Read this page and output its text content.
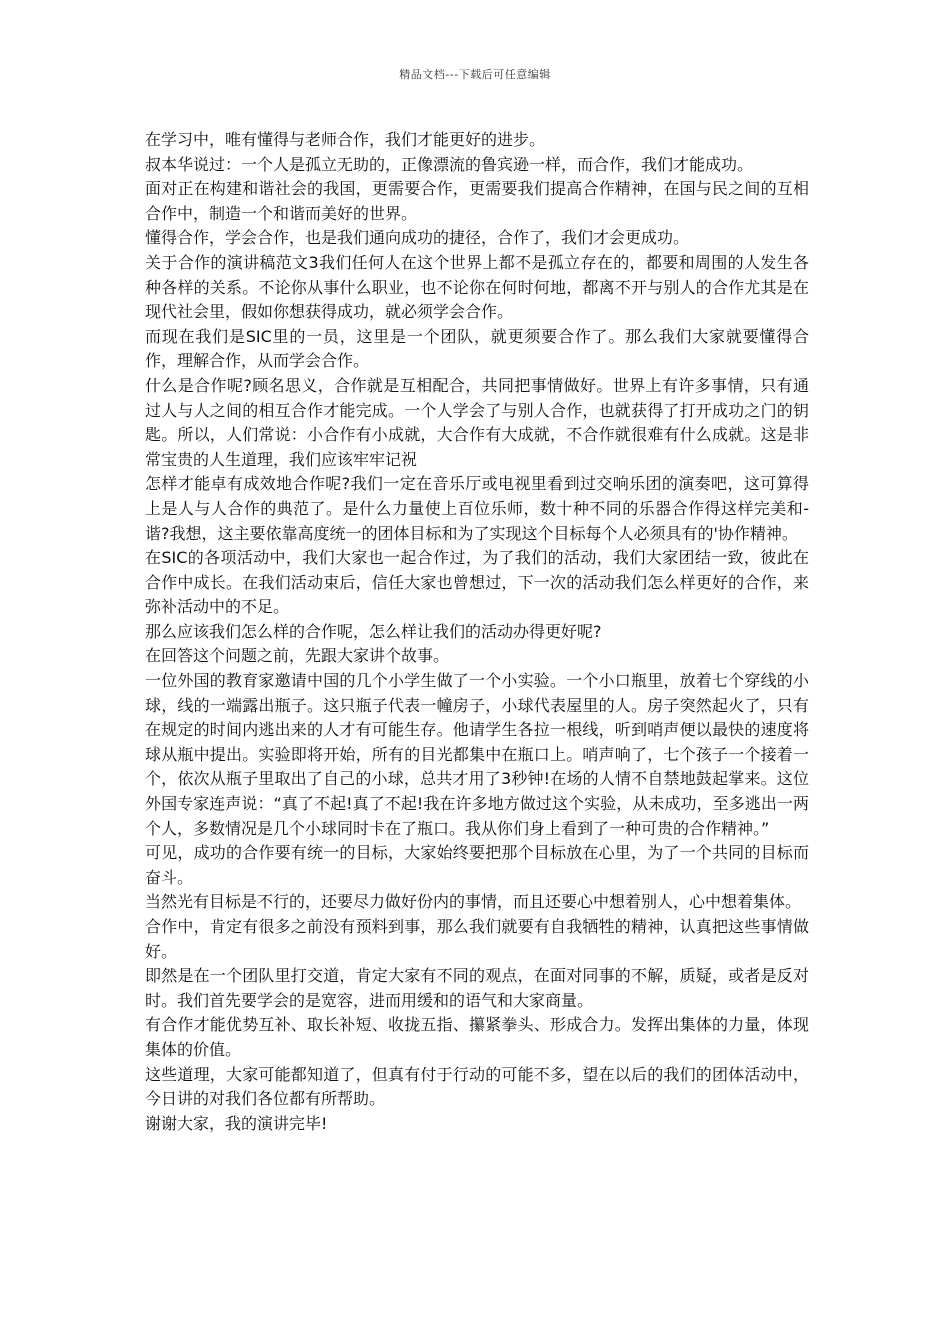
精品文档---下载后可任意编辑

在学习中，唯有懂得与老师合作，我们才能更好的进步。

叔本华说过：一个人是孤立无助的，正像漂流的鲁宾逊一样，而合作，我们才能成功。

面对正在构建和谐社会的我国，更需要合作，更需要我们提高合作精神，在国与民之间的互相合作中，制造一个和谐而美好的世界。

懂得合作，学会合作，也是我们通向成功的捷径，合作了，我们才会更成功。

关于合作的演讲稿范文3我们任何人在这个世界上都不是孤立存在的，都要和周围的人发生各种各样的关系。不论你从事什么职业，也不论你在何时何地，都离不开与别人的合作尤其是在现代社会里，假如你想获得成功，就必须学会合作。

而现在我们是SIC里的一员，这里是一个团队，就更须要合作了。那么我们大家就要懂得合作，理解合作，从而学会合作。

什么是合作呢?顾名思义，合作就是互相配合，共同把事情做好。世界上有许多事情，只有通过人与人之间的相互合作才能完成。一个人学会了与别人合作，也就获得了打开成功之门的钥匙。所以，人们常说：小合作有小成就，大合作有大成就，不合作就很难有什么成就。这是非常宝贵的人生道理，我们应该牢牢记祝

怎样才能卓有成效地合作呢?我们一定在音乐厅或电视里看到过交响乐团的演奏吧，这可算得上是人与人合作的典范了。是什么力量使上百位乐师，数十种不同的乐器合作得这样完美和-谐?我想，这主要依靠高度统一的团体目标和为了实现这个目标每个人必须具有的'协作精神。

在SIC的各项活动中，我们大家也一起合作过，为了我们的活动，我们大家团结一致，彼此在合作中成长。在我们活动束后，信任大家也曾想过，下一次的活动我们怎么样更好的合作，来弥补活动中的不足。

那么应该我们怎么样的合作呢，怎么样让我们的活动办得更好呢?

在回答这个问题之前，先跟大家讲个故事。

一位外国的教育家邀请中国的几个小学生做了一个小实验。一个小口瓶里，放着七个穿线的小球，线的一端露出瓶子。这只瓶子代表一幢房子，小球代表屋里的人。房子突然起火了，只有在规定的时间内逃出来的人才有可能生存。他请学生各拉一根线，听到哨声便以最快的速度将球从瓶中提出。实验即将开始，所有的目光都集中在瓶口上。哨声响了，七个孩子一个接着一个，依次从瓶子里取出了自己的小球，总共才用了3秒钟!在场的人情不自禁地鼓起掌来。这位外国专家连声说：“真了不起!真了不起!我在许多地方做过这个实验，从未成功，至多逃出一两个人，多数情况是几个小球同时卡在了瓶口。我从你们身上看到了一种可贵的合作精神。”

可见，成功的合作要有统一的目标，大家始终要把那个目标放在心里，为了一个共同的目标而奋斗。

当然光有目标是不行的，还要尽力做好份内的事情，而且还要心中想着别人，心中想着集体。

合作中，肯定有很多之前没有预料到事，那么我们就要有自我牺牲的精神，认真把这些事情做好。

即然是在一个团队里打交道，肯定大家有不同的观点，在面对同事的不解，质疑，或者是反对时。我们首先要学会的是宽容，进而用缓和的语气和大家商量。

有合作才能优势互补、取长补短、收拢五指、攥紧拳头、形成合力。发挥出集体的力量，体现集体的价值。

这些道理，大家可能都知道了，但真有付于行动的可能不多，望在以后的我们的团体活动中，今日讲的对我们各位都有所帮助。

谢谢大家，我的演讲完毕!
